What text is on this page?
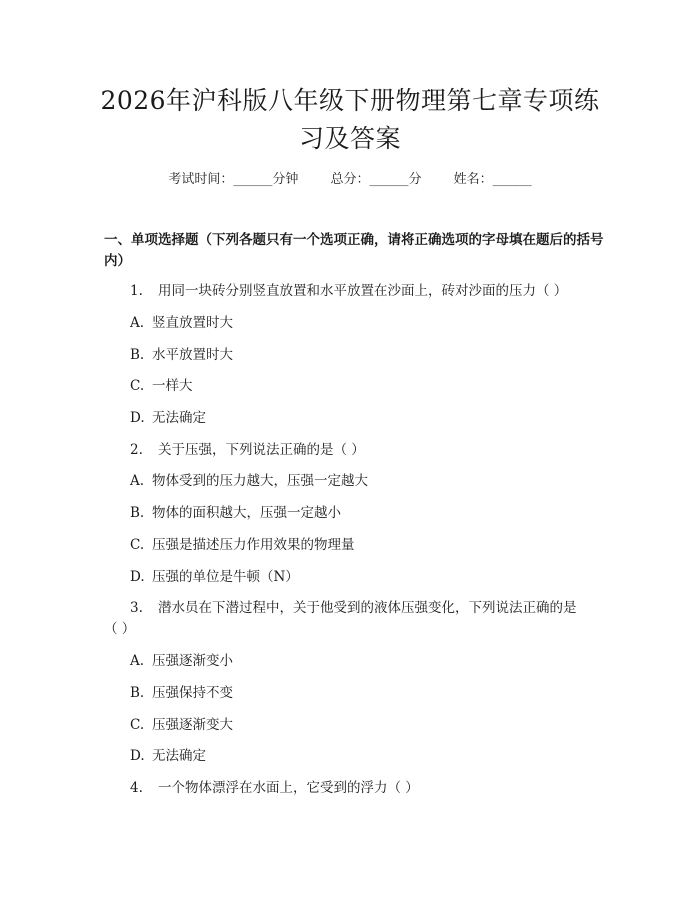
2026年沪科版八年级下册物理第七章专项练
习及答案
考试时间：______分钟 总分：______分 姓名：______
一、单项选择题（下列各题只有一个选项正确，请将正确选项的字母填在题后的括号内）
1. 用同一块砖分别竖直放置和水平放置在沙面上，砖对沙面的压力（ ）
A. 竖直放置时大
B. 水平放置时大
C. 一样大
D. 无法确定
2. 关于压强，下列说法正确的是（ ）
A. 物体受到的压力越大，压强一定越大
B. 物体的面积越大，压强一定越小
C. 压强是描述压力作用效果的物理量
D. 压强的单位是牛顿（N）
3. 潜水员在下潜过程中，关于他受到的液体压强变化，下列说法正确的是
（ ）
A. 压强逐渐变小
B. 压强保持不变
C. 压强逐渐变大
D. 无法确定
4. 一个物体漂浮在水面上，它受到的浮力（ ）
